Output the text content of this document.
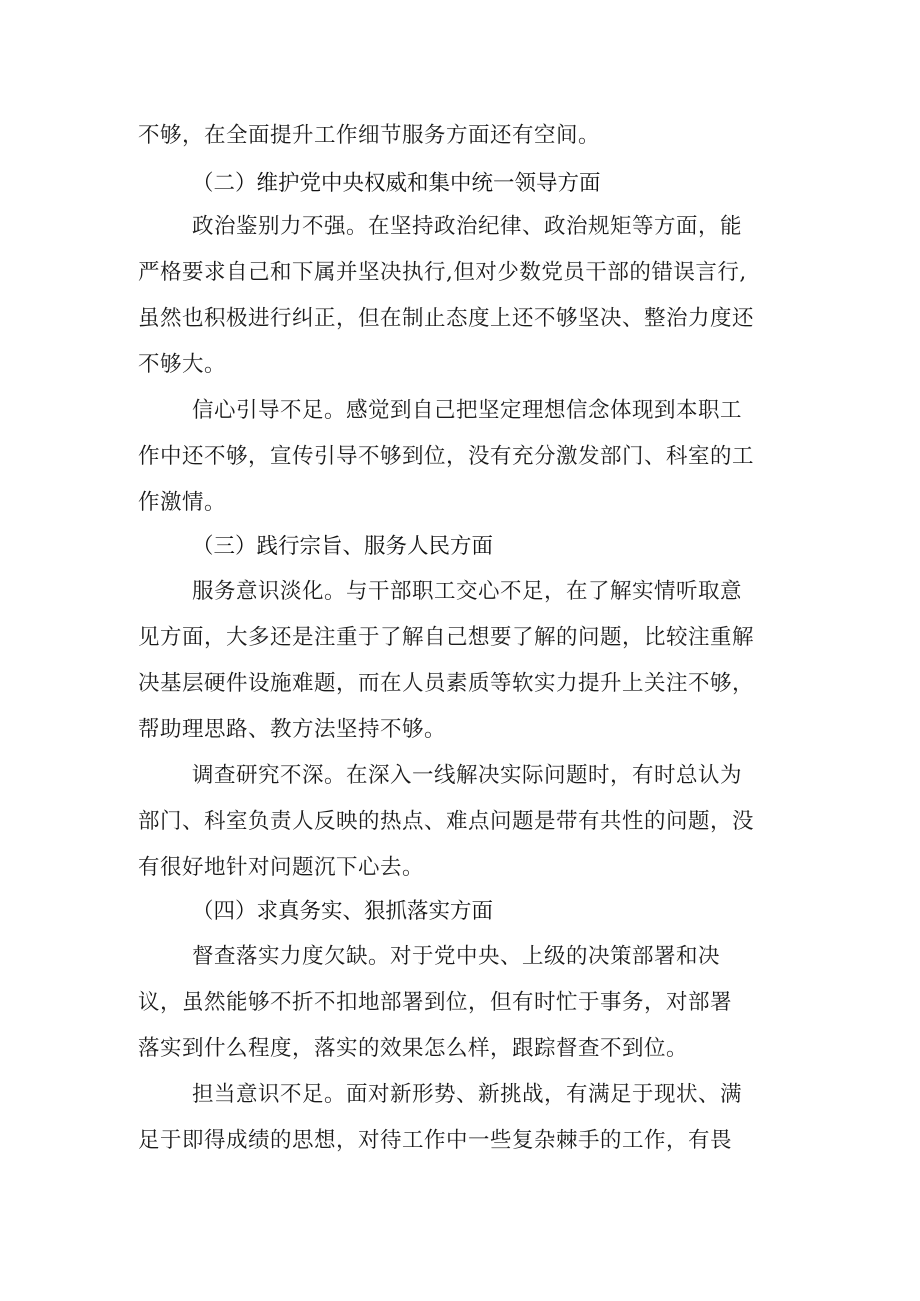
不够，在全面提升工作细节服务方面还有空间。
（二）维护党中央权威和集中统一领导方面
政治鉴别力不强。在坚持政治纪律、政治规矩等方面，能
严格要求自己和下属并坚决执行,但对少数党员干部的错误言行,
虽然也积极进行纠正，但在制止态度上还不够坚决、整治力度还
不够大。
信心引导不足。感觉到自己把坚定理想信念体现到本职工
作中还不够，宣传引导不够到位，没有充分激发部门、科室的工
作激情。
（三）践行宗旨、服务人民方面
服务意识淡化。与干部职工交心不足，在了解实情听取意
见方面，大多还是注重于了解自己想要了解的问题，比较注重解
决基层硬件设施难题，而在人员素质等软实力提升上关注不够，
帮助理思路、教方法坚持不够。
调查研究不深。在深入一线解决实际问题时，有时总认为
部门、科室负责人反映的热点、难点问题是带有共性的问题，没
有很好地针对问题沉下心去。
（四）求真务实、狠抓落实方面
督查落实力度欠缺。对于党中央、上级的决策部署和决
议，虽然能够不折不扣地部署到位，但有时忙于事务，对部署
落实到什么程度，落实的效果怎么样，跟踪督查不到位。
担当意识不足。面对新形势、新挑战，有满足于现状、满
足于即得成绩的思想，对待工作中一些复杂棘手的工作，有畏
